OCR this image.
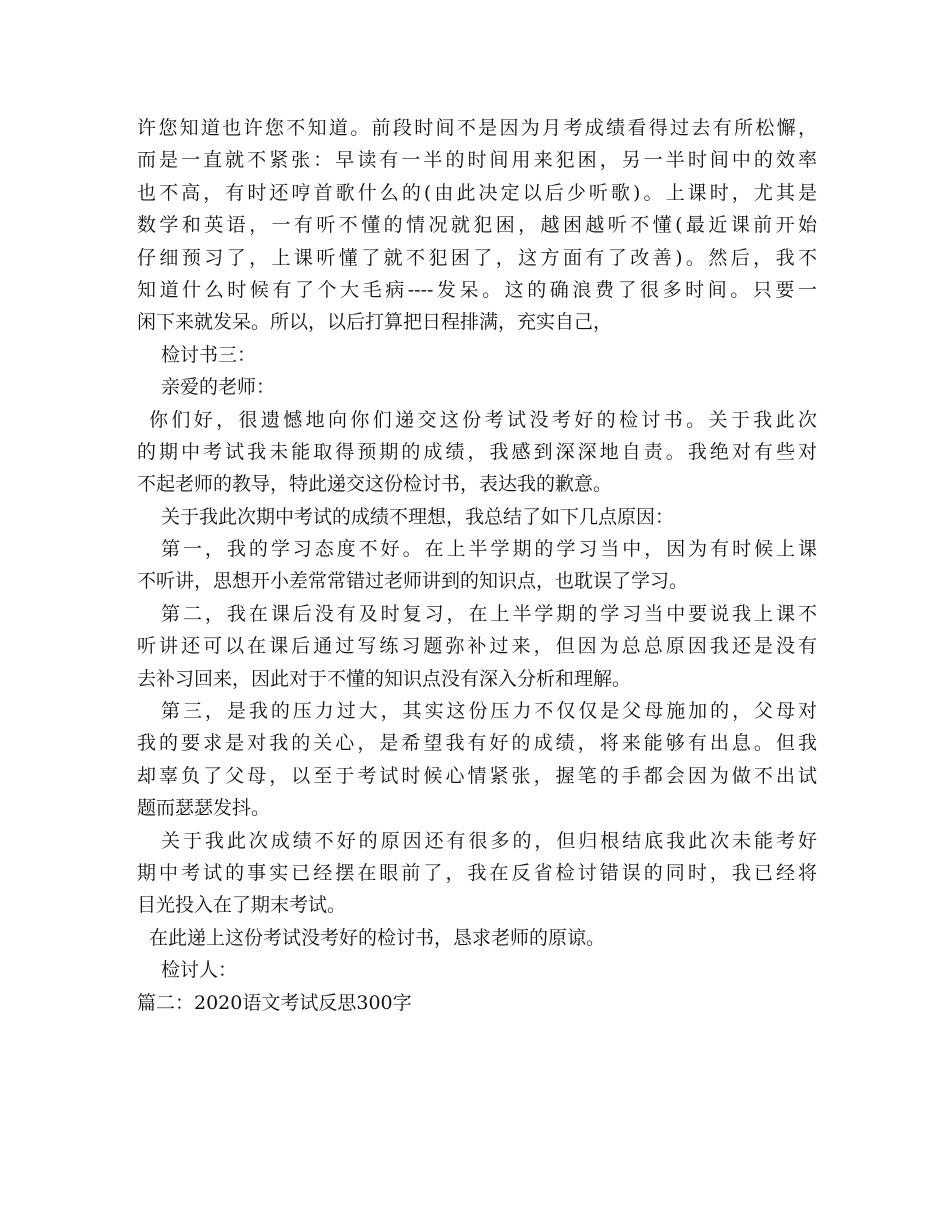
许您知道也许您不知道。前段时间不是因为月考成绩看得过去有所松懈，
而是一直就不紧张：早读有一半的时间用来犯困，另一半时间中的效率
也不高，有时还哼首歌什么的(由此决定以后少听歌)。上课时，尤其是
数学和英语，一有听不懂的情况就犯困，越困越听不懂(最近课前开始
仔细预习了，上课听懂了就不犯困了，这方面有了改善)。然后，我不
知道什么时候有了个大毛病----发呆。这的确浪费了很多时间。只要一
闲下来就发呆。所以，以后打算把日程排满，充实自己，
检讨书三：
亲爱的老师：
你们好，很遗憾地向你们递交这份考试没考好的检讨书。关于我此次
的期中考试我未能取得预期的成绩，我感到深深地自责。我绝对有些对
不起老师的教导，特此递交这份检讨书，表达我的歉意。
关于我此次期中考试的成绩不理想，我总结了如下几点原因：
第一，我的学习态度不好。在上半学期的学习当中，因为有时候上课
不听讲，思想开小差常常错过老师讲到的知识点，也耽误了学习。
第二，我在课后没有及时复习，在上半学期的学习当中要说我上课不
听讲还可以在课后通过写练习题弥补过来，但因为总总原因我还是没有
去补习回来，因此对于不懂的知识点没有深入分析和理解。
第三，是我的压力过大，其实这份压力不仅仅是父母施加的，父母对
我的要求是对我的关心，是希望我有好的成绩，将来能够有出息。但我
却辜负了父母，以至于考试时候心情紧张，握笔的手都会因为做不出试
题而瑟瑟发抖。
关于我此次成绩不好的原因还有很多的，但归根结底我此次未能考好
期中考试的事实已经摆在眼前了，我在反省检讨错误的同时，我已经将
目光投入在了期末考试。
在此递上这份考试没考好的检讨书，恳求老师的原谅。
检讨人：
篇二：2020语文考试反思300字
